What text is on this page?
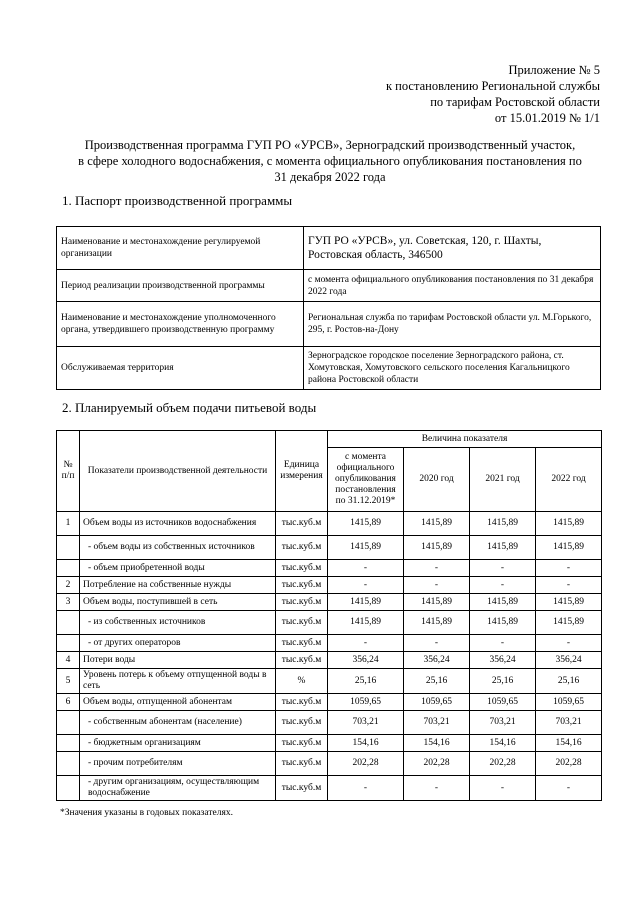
Приложение № 5
к постановлению Региональной службы
по тарифам Ростовской области
от 15.01.2019 № 1/1
Производственная программа ГУП РО «УРСВ», Зерноградский производственный участок,
в сфере холодного водоснабжения, с момента официального опубликования постановления по
31 декабря 2022 года
1. Паспорт производственной программы
Наименование и местонахождение регулируемой организации	ГУП РО «УРСВ», ул. Советская, 120, г. Шахты, Ростовская область, 346500
Период реализации производственной программы	с момента официального опубликования постановления по 31 декабря 2022 года
Наименование и местонахождение уполномоченного органа, утвердившего производственную программу	Региональная служба по тарифам Ростовской области ул. М.Горького, 295, г. Ростов-на-Дону
Обслуживаемая территория	Зерноградское городское поселение Зерноградского района, ст. Хомутовская, Хомутовского сельского поселения Кагальницкого района Ростовской области
2. Планируемый объем подачи питьевой воды
№ п/п	Показатели производственной деятельности	Единица измерения	Величина показателя			
			с момента официального опубликования постановления по 31.12.2019*	2020 год	2021 год	2022 год
1	Объем воды из источников водоснабжения	тыс.куб.м	1415,89	1415,89	1415,89	1415,89
	- объем воды из собственных источников	тыс.куб.м	1415,89	1415,89	1415,89	1415,89
	- объем приобретенной воды	тыс.куб.м	-	-	-	-
2	Потребление на собственные нужды	тыс.куб.м	-	-	-	-
3	Объем воды, поступившей в сеть	тыс.куб.м	1415,89	1415,89	1415,89	1415,89
	- из собственных источников	тыс.куб.м	1415,89	1415,89	1415,89	1415,89
	- от других операторов	тыс.куб.м	-	-	-	-
4	Потери воды	тыс.куб.м	356,24	356,24	356,24	356,24
5	Уровень потерь к объему отпущенной воды в сеть	%	25,16	25,16	25,16	25,16
6	Объем воды, отпущенной абонентам	тыс.куб.м	1059,65	1059,65	1059,65	1059,65
	- собственным абонентам (население)	тыс.куб.м	703,21	703,21	703,21	703,21
	- бюджетным организациям	тыс.куб.м	154,16	154,16	154,16	154,16
	- прочим потребителям	тыс.куб.м	202,28	202,28	202,28	202,28
	- другим организациям, осуществляющим водоснабжение	тыс.куб.м	-	-	-	-
*Значения указаны в годовых показателях.
